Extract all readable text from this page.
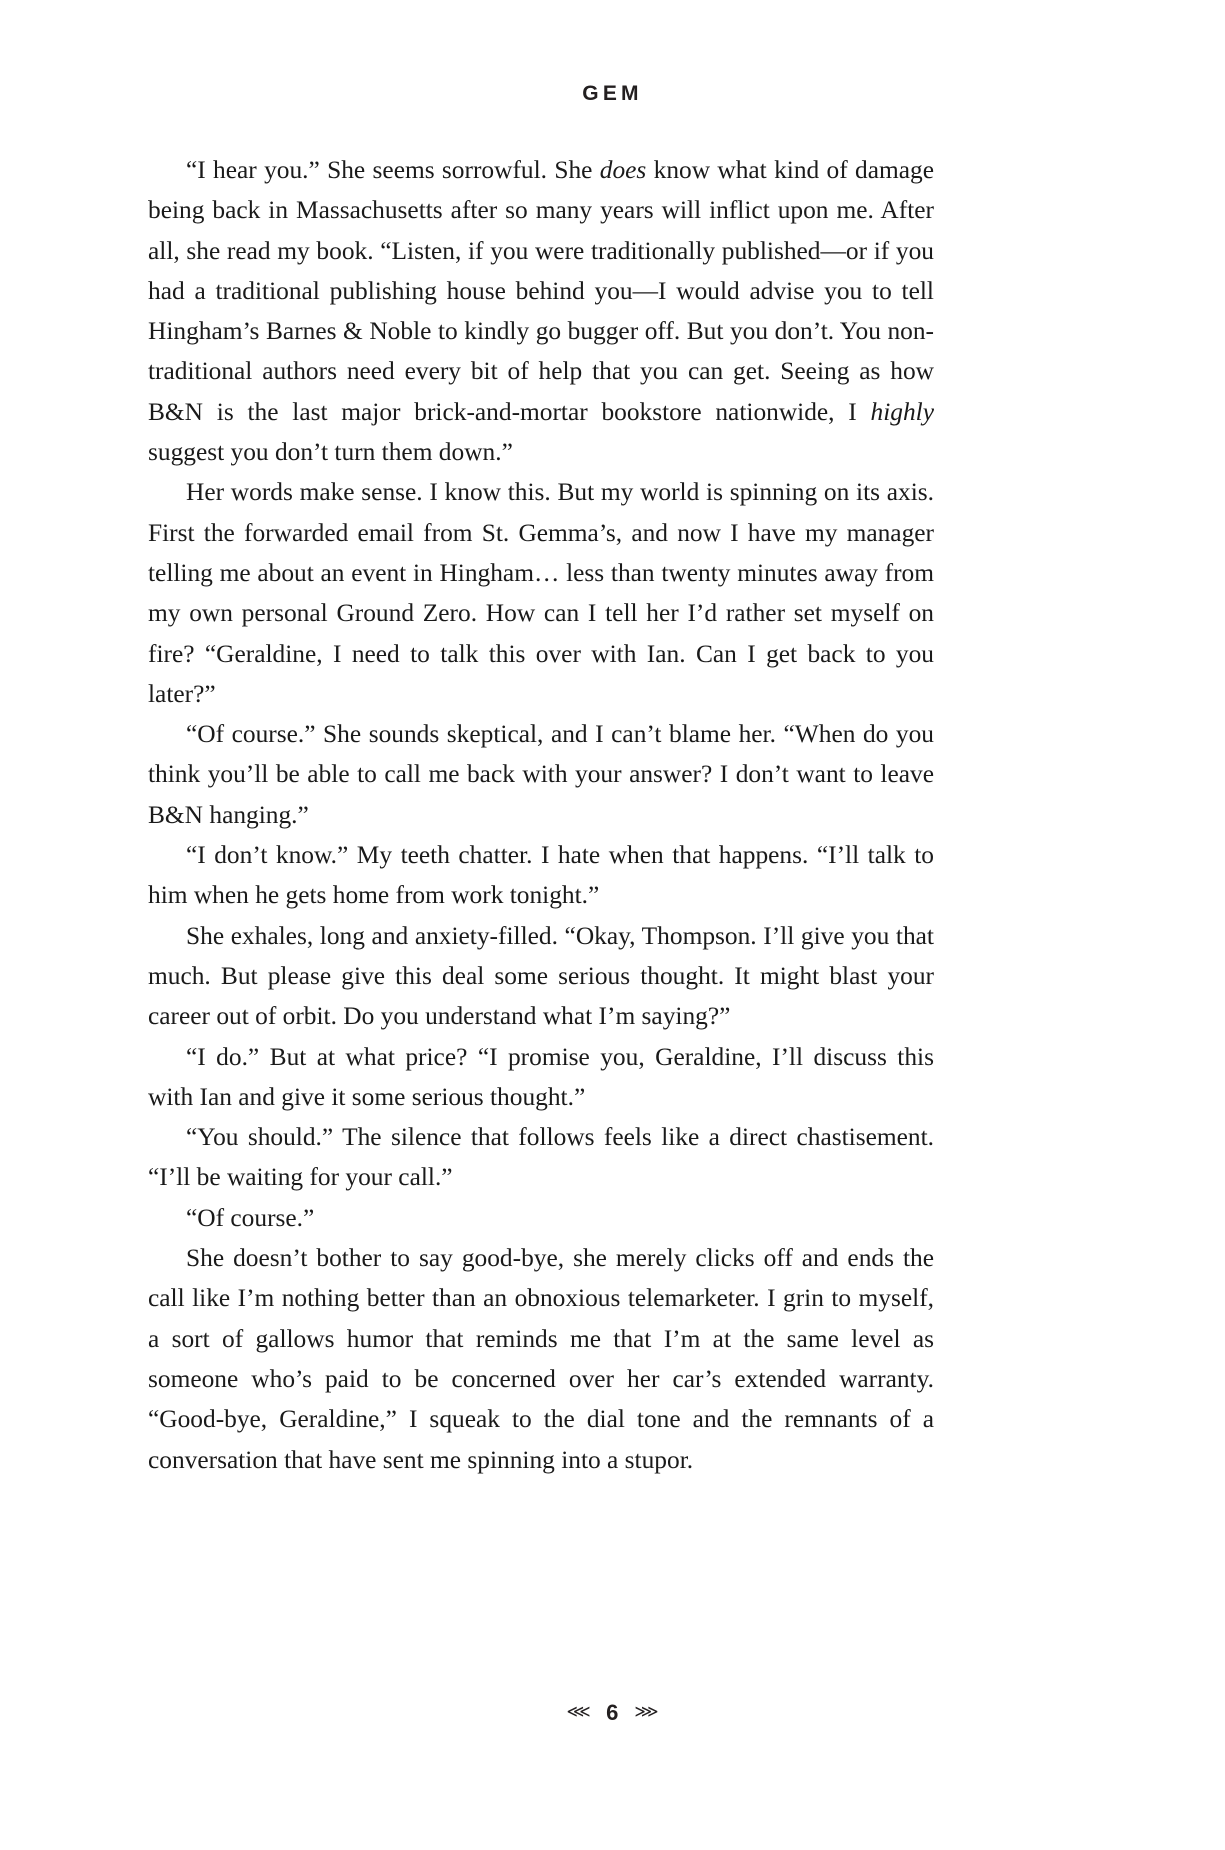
GEM

“I hear you.” She seems sorrowful. She does know what kind of damage being back in Massachusetts after so many years will inflict upon me. After all, she read my book. “Listen, if you were traditionally published—or if you had a traditional publishing house behind you—I would advise you to tell Hingham’s Barnes & Noble to kindly go bugger off. But you don’t. You non-traditional authors need every bit of help that you can get. Seeing as how B&N is the last major brick-and-mortar bookstore nationwide, I highly suggest you don’t turn them down.”

Her words make sense. I know this. But my world is spinning on its axis. First the forwarded email from St. Gemma’s, and now I have my manager telling me about an event in Hingham… less than twenty minutes away from my own personal Ground Zero. How can I tell her I’d rather set myself on fire? “Geraldine, I need to talk this over with Ian. Can I get back to you later?”

“Of course.” She sounds skeptical, and I can’t blame her. “When do you think you’ll be able to call me back with your answer? I don’t want to leave B&N hanging.”

“I don’t know.” My teeth chatter. I hate when that happens. “I’ll talk to him when he gets home from work tonight.”

She exhales, long and anxiety-filled. “Okay, Thompson. I’ll give you that much. But please give this deal some serious thought. It might blast your career out of orbit. Do you understand what I’m saying?”

“I do.” But at what price? “I promise you, Geraldine, I’ll discuss this with Ian and give it some serious thought.”

“You should.” The silence that follows feels like a direct chastisement. “I’ll be waiting for your call.”

“Of course.”

She doesn’t bother to say good-bye, she merely clicks off and ends the call like I’m nothing better than an obnoxious telemarketer. I grin to myself, a sort of gallows humor that reminds me that I’m at the same level as someone who’s paid to be concerned over her car’s extended warranty. “Good-bye, Geraldine,” I squeak to the dial tone and the remnants of a conversation that have sent me spinning into a stupor.

⋘ 6 ⋙
